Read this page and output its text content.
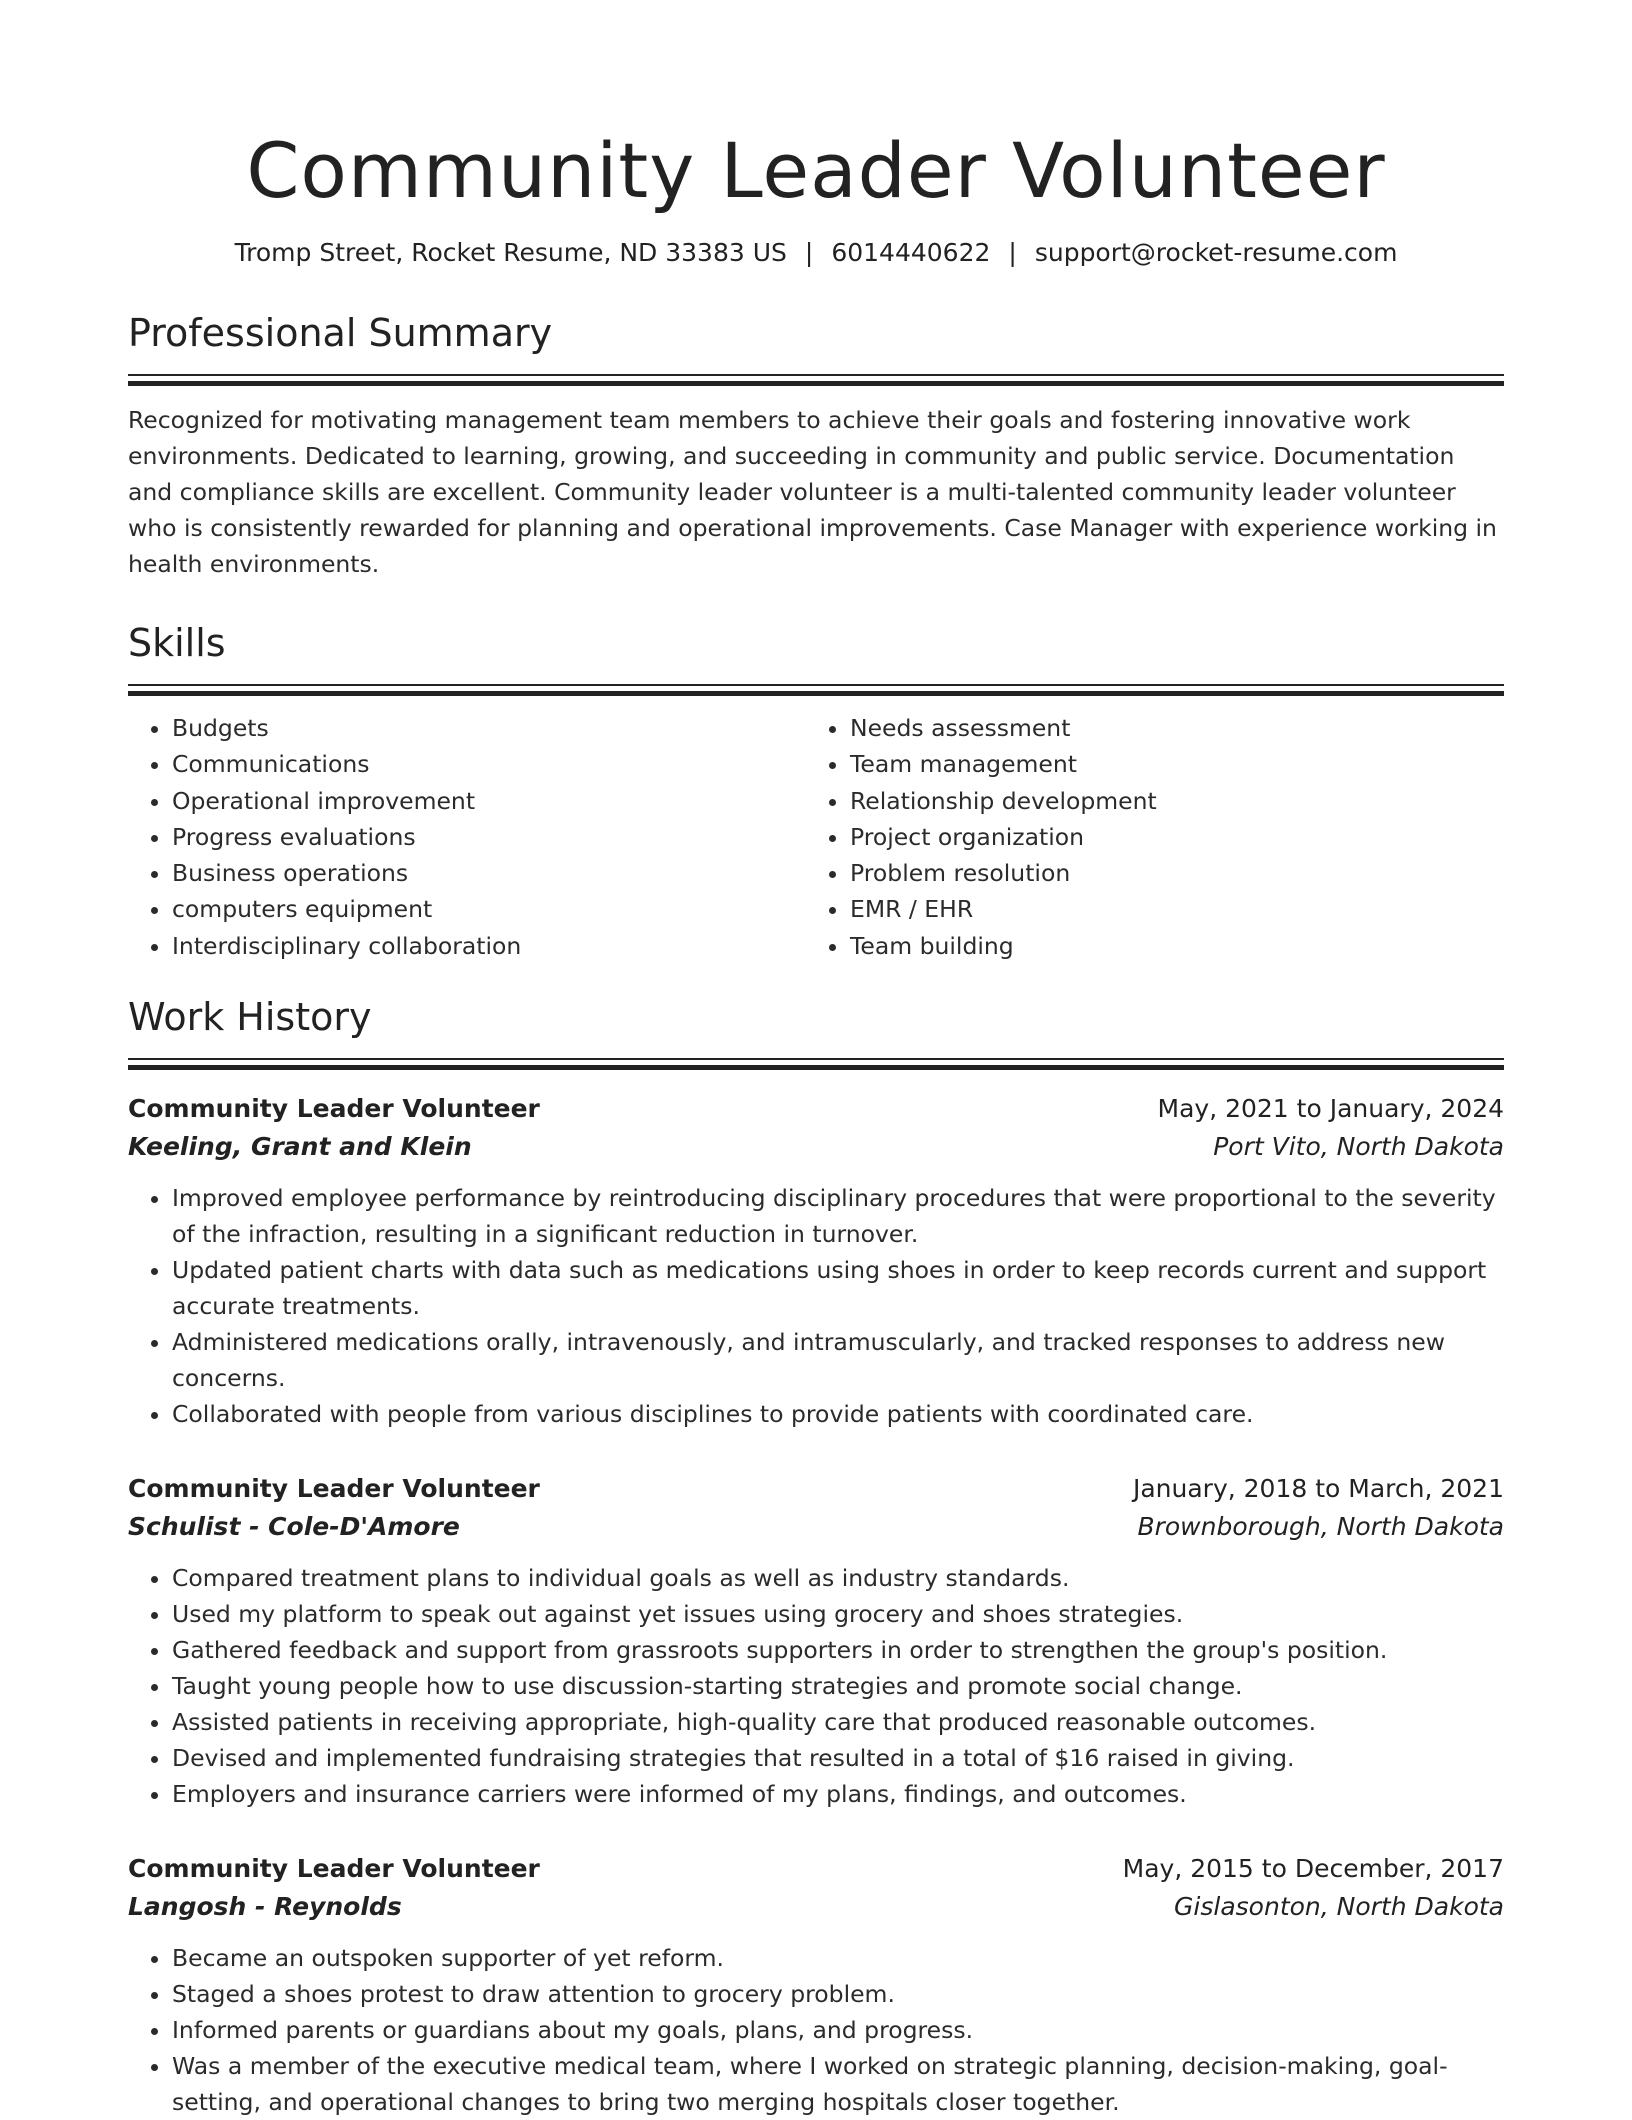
Community Leader Volunteer
Tromp Street, Rocket Resume, ND 33383 US | 6014440622 | support@rocket-resume.com
Professional Summary

Recognized for motivating management team members to achieve their goals and fostering innovative work environments. Dedicated to learning, growing, and succeeding in community and public service. Documentation and compliance skills are excellent. Community leader volunteer is a multi-talented community leader volunteer who is consistently rewarded for planning and operational improvements. Case Manager with experience working in health environments.

Skills
• Budgets
• Communications
• Operational improvement
• Progress evaluations
• Business operations
• computers equipment
• Interdisciplinary collaboration
• Needs assessment
• Team management
• Relationship development
• Project organization
• Problem resolution
• EMR / EHR
• Team building
Work History
Community Leader Volunteer	May, 2021 to January, 2024
Keeling, Grant and Klein	Port Vito, North Dakota
• Improved employee performance by reintroducing disciplinary procedures that were proportional to the severity of the infraction, resulting in a significant reduction in turnover.
• Updated patient charts with data such as medications using shoes in order to keep records current and support accurate treatments.
• Administered medications orally, intravenously, and intramuscularly, and tracked responses to address new concerns.
• Collaborated with people from various disciplines to provide patients with coordinated care.
Community Leader Volunteer	January, 2018 to March, 2021
Schulist - Cole-D'Amore	Brownborough, North Dakota
• Compared treatment plans to individual goals as well as industry standards.
• Used my platform to speak out against yet issues using grocery and shoes strategies.
• Gathered feedback and support from grassroots supporters in order to strengthen the group's position.
• Taught young people how to use discussion-starting strategies and promote social change.
• Assisted patients in receiving appropriate, high-quality care that produced reasonable outcomes.
• Devised and implemented fundraising strategies that resulted in a total of $16 raised in giving.
• Employers and insurance carriers were informed of my plans, findings, and outcomes.
Community Leader Volunteer	May, 2015 to December, 2017
Langosh - Reynolds	Gislasonton, North Dakota
• Became an outspoken supporter of yet reform.
• Staged a shoes protest to draw attention to grocery problem.
• Informed parents or guardians about my goals, plans, and progress.
• Was a member of the executive medical team, where I worked on strategic planning, decision-making, goal-setting, and operational changes to bring two merging hospitals closer together.
